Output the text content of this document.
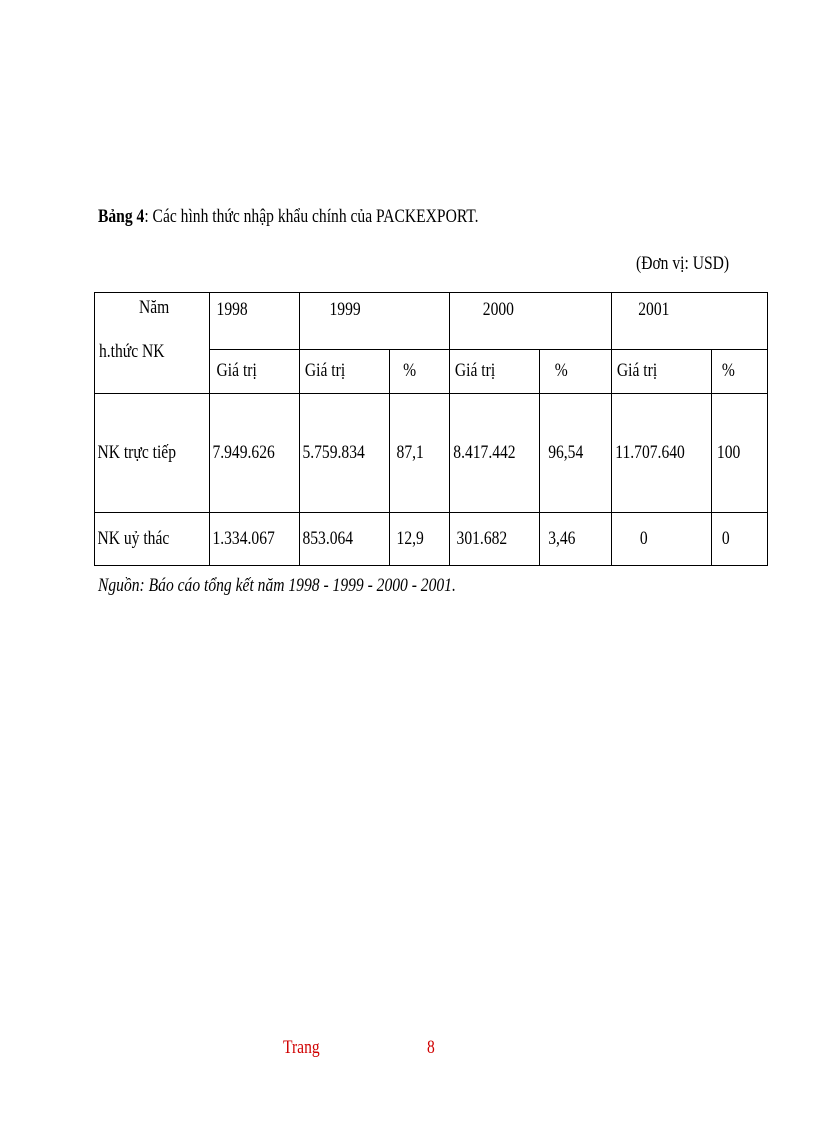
Bảng 4: Các hình thức nhập khẩu chính của PACKEXPORT.
(Đơn vị: USD)
Năm
h.thức NK	1998	1999		2000		2001	

	Giá trị	Giá trị	%	Giá trị	%	Giá trị	%

NK trực tiếp	7.949.626	5.759.834	87,1	8.417.442	96,54	11.707.640	100

NK uỷ thác	1.334.067	853.064	12,9	301.682	3,46	0	0
Nguồn: Báo cáo tổng kết năm 1998 - 1999 - 2000 - 2001.
Trang	8
